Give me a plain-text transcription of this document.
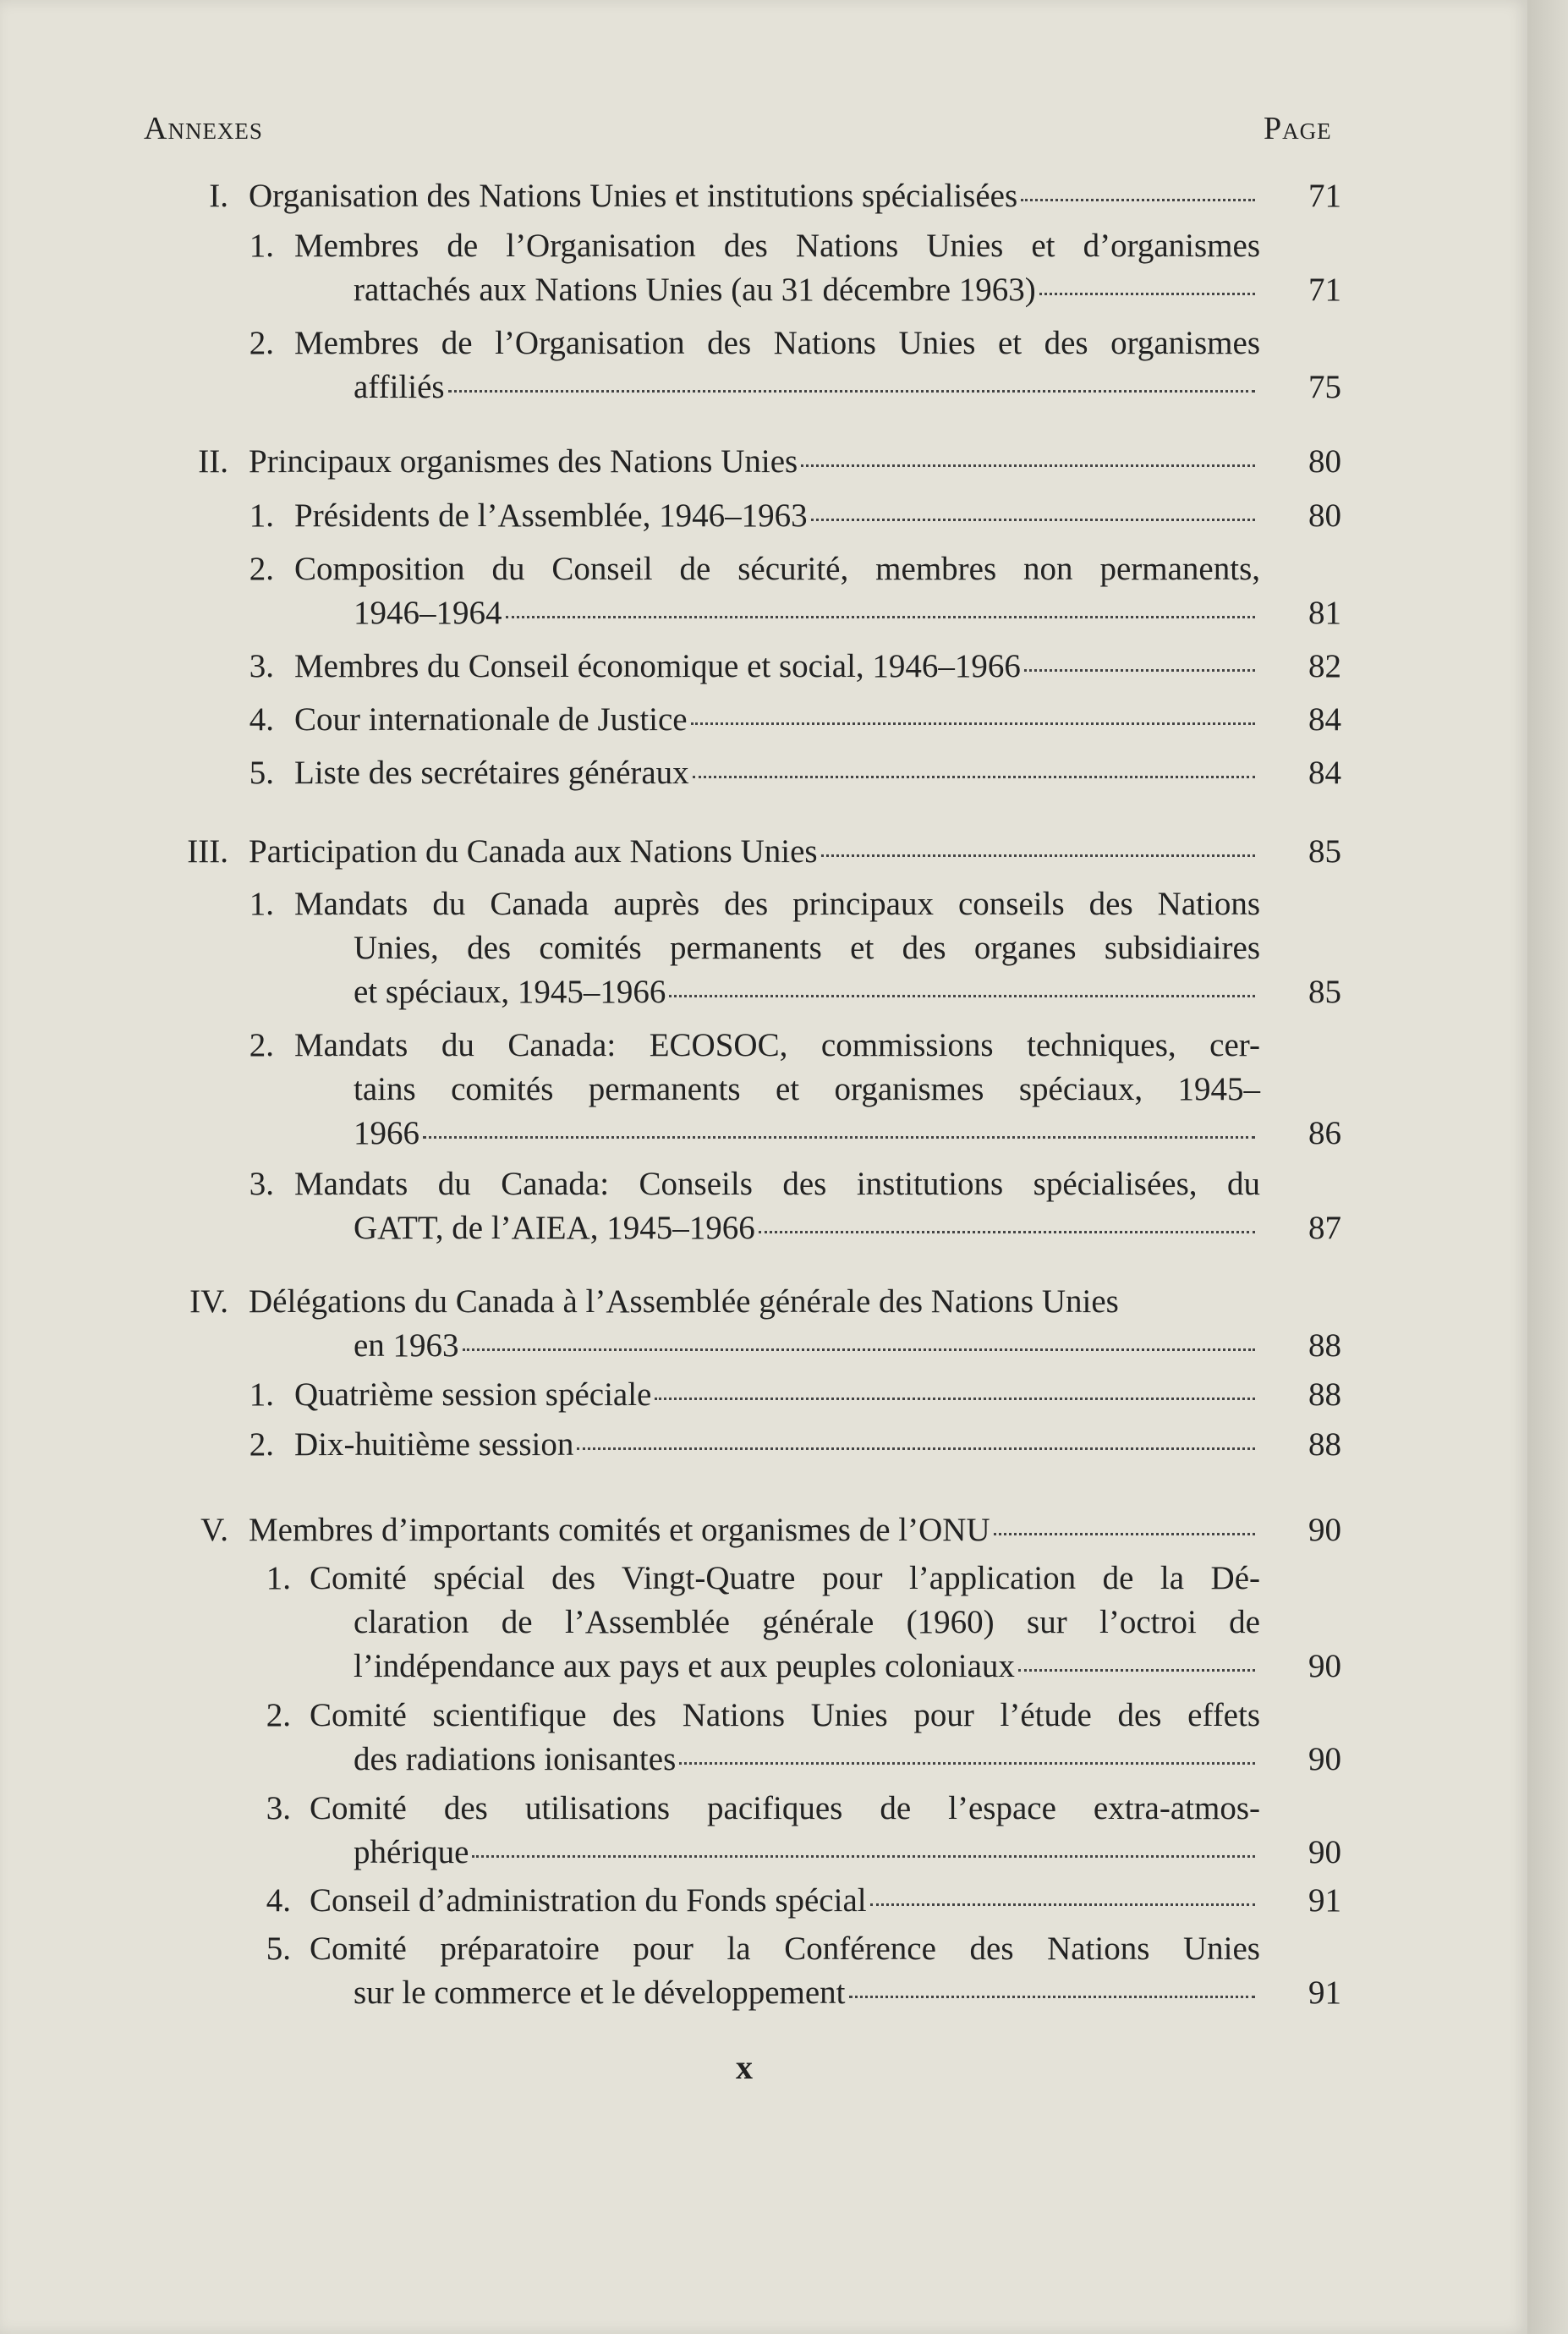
Annexes	Page
I. Organisation des Nations Unies et institutions spécialisées	71
1. Membres de l’Organisation des Nations Unies et d’organismes
rattachés aux Nations Unies (au 31 décembre 1963)	71
2. Membres de l’Organisation des Nations Unies et des organismes
affiliés	75
II. Principaux organismes des Nations Unies	80
1. Présidents de l’Assemblée, 1946–1963	80
2. Composition du Conseil de sécurité, membres non permanents,
1946–1964	81
3. Membres du Conseil économique et social, 1946–1966	82
4. Cour internationale de Justice	84
5. Liste des secrétaires généraux	84
III. Participation du Canada aux Nations Unies	85
1. Mandats du Canada auprès des principaux conseils des Nations
Unies, des comités permanents et des organes subsidiaires
et spéciaux, 1945–1966	85
2. Mandats du Canada: ECOSOC, commissions techniques, cer-
tains comités permanents et organismes spéciaux, 1945–
1966	86
3. Mandats du Canada: Conseils des institutions spécialisées, du
GATT, de l’AIEA, 1945–1966	87
IV. Délégations du Canada à l’Assemblée générale des Nations Unies
en 1963	88
1. Quatrième session spéciale	88
2. Dix-huitième session	88
V. Membres d’importants comités et organismes de l’ONU	90
1. Comité spécial des Vingt-Quatre pour l’application de la Dé-
claration de l’Assemblée générale (1960) sur l’octroi de
l’indépendance aux pays et aux peuples coloniaux	90
2. Comité scientifique des Nations Unies pour l’étude des effets
des radiations ionisantes	90
3. Comité des utilisations pacifiques de l’espace extra-atmos-
phérique	90
4. Conseil d’administration du Fonds spécial	91
5. Comité préparatoire pour la Conférence des Nations Unies
sur le commerce et le développement	91
x
